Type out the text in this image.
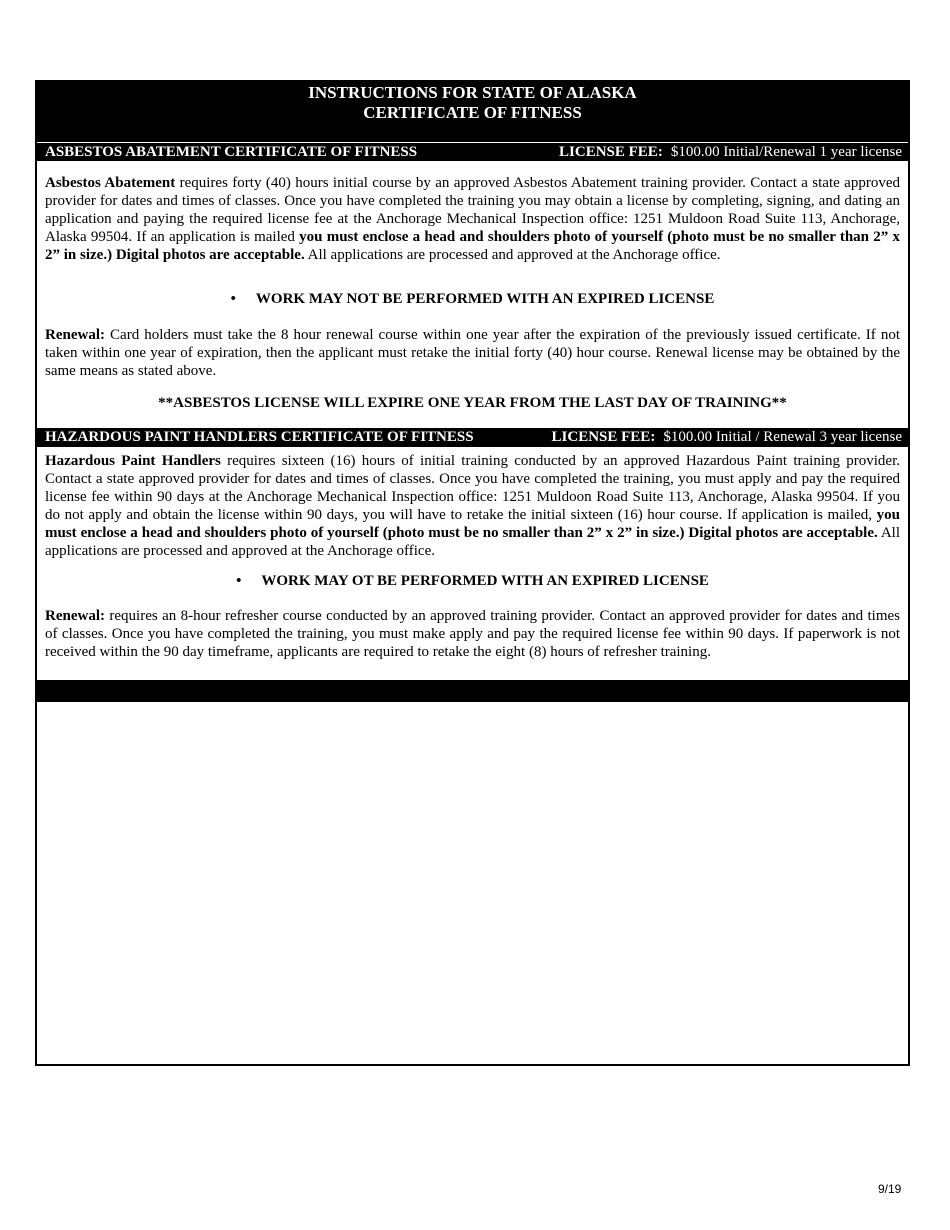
INSTRUCTIONS FOR STATE OF ALASKA
CERTIFICATE OF FITNESS
ASBESTOS ABATEMENT CERTIFICATE OF FITNESS	LICENSE FEE: $100.00 Initial/Renewal 1 year license

Asbestos Abatement requires forty (40) hours initial course by an approved Asbestos Abatement training provider. Contact a state approved provider for dates and times of classes. Once you have completed the training you may obtain a license by completing, signing, and dating an application and paying the required license fee at the Anchorage Mechanical Inspection office: 1251 Muldoon Road Suite 113, Anchorage, Alaska 99504. If an application is mailed you must enclose a head and shoulders photo of yourself (photo must be no smaller than 2” x 2” in size.) Digital photos are acceptable. All applications are processed and approved at the Anchorage office.

• WORK MAY NOT BE PERFORMED WITH AN EXPIRED LICENSE

Renewal: Card holders must take the 8 hour renewal course within one year after the expiration of the previously issued certificate. If not taken within one year of expiration, then the applicant must retake the initial forty (40) hour course. Renewal license may be obtained by the same means as stated above.

**ASBESTOS LICENSE WILL EXPIRE ONE YEAR FROM THE LAST DAY OF TRAINING**

HAZARDOUS PAINT HANDLERS CERTIFICATE OF FITNESS	LICENSE FEE: $100.00 Initial / Renewal 3 year license

Hazardous Paint Handlers requires sixteen (16) hours of initial training conducted by an approved Hazardous Paint training provider. Contact a state approved provider for dates and times of classes. Once you have completed the training, you must apply and pay the required license fee within 90 days at the Anchorage Mechanical Inspection office: 1251 Muldoon Road Suite 113, Anchorage, Alaska 99504. If you do not apply and obtain the license within 90 days, you will have to retake the initial sixteen (16) hour course. If application is mailed, you must enclose a head and shoulders photo of yourself (photo must be no smaller than 2” x 2” in size.) Digital photos are acceptable. All applications are processed and approved at the Anchorage office.

• WORK MAY OT BE PERFORMED WITH AN EXPIRED LICENSE

Renewal: requires an 8-hour refresher course conducted by an approved training provider. Contact an approved provider for dates and times of classes. Once you have completed the training, you must make apply and pay the required license fee within 90 days. If paperwork is not received within the 90 day timeframe, applicants are required to retake the eight (8) hours of refresher training.

9/19
